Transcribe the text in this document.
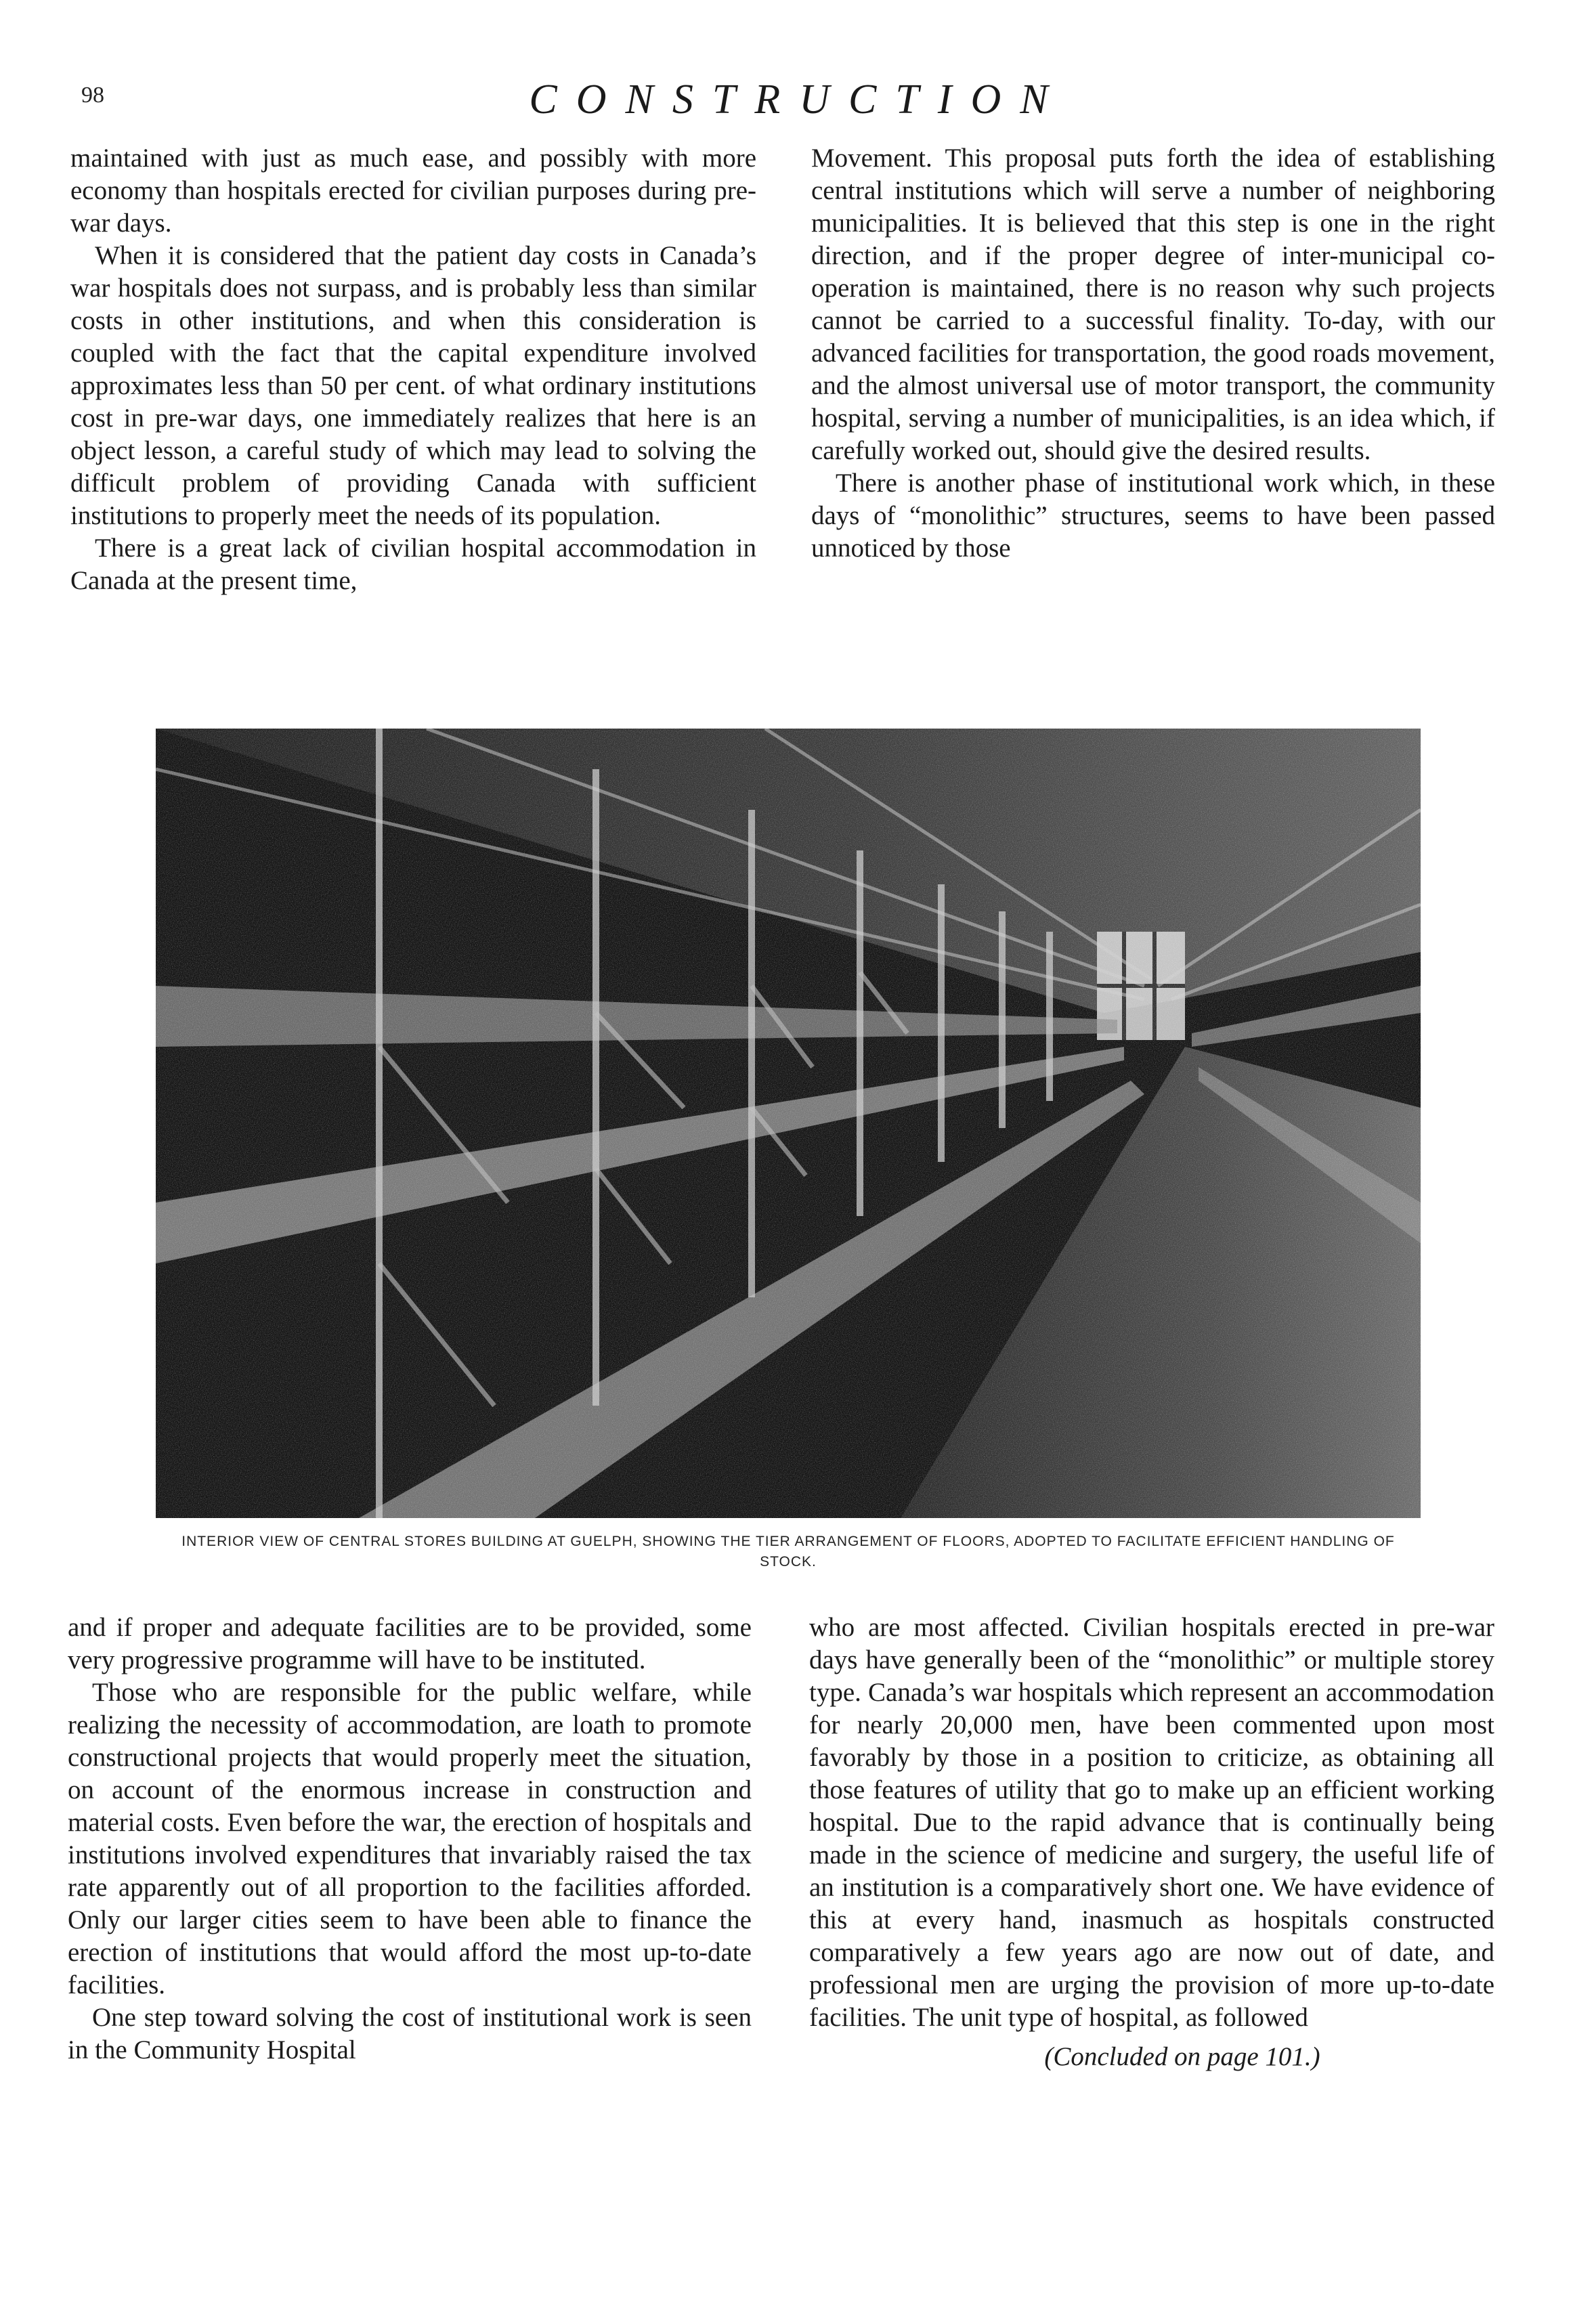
98	CONSTRUCTION

maintained with just as much ease, and possibly with more economy than hospitals erected for civilian purposes during pre-war days.

When it is considered that the patient day costs in Canada’s war hospitals does not surpass, and is probably less than similar costs in other institutions, and when this consideration is coupled with the fact that the capital expenditure involved approximates less than 50 per cent. of what ordinary institutions cost in pre-war days, one immediately realizes that here is an object lesson, a careful study of which may lead to solving the difficult problem of providing Canada with sufficient institutions to properly meet the needs of its population.

There is a great lack of civilian hospital accommodation in Canada at the present time,

Movement. This proposal puts forth the idea of establishing central institutions which will serve a number of neighboring municipalities. It is believed that this step is one in the right direction, and if the proper degree of inter-municipal co-operation is maintained, there is no reason why such projects cannot be carried to a successful finality. To-day, with our advanced facilities for transportation, the good roads movement, and the almost universal use of motor transport, the community hospital, serving a number of municipalities, is an idea which, if carefully worked out, should give the desired results.

There is another phase of institutional work which, in these days of “monolithic” structures, seems to have been passed unnoticed by those

INTERIOR VIEW OF CENTRAL STORES BUILDING AT GUELPH, SHOWING THE TIER ARRANGEMENT OF FLOORS, ADOPTED TO FACILITATE EFFICIENT HANDLING OF STOCK.

and if proper and adequate facilities are to be provided, some very progressive programme will have to be instituted.

Those who are responsible for the public welfare, while realizing the necessity of accommodation, are loath to promote constructional projects that would properly meet the situation, on account of the enormous increase in construction and material costs. Even before the war, the erection of hospitals and institutions involved expenditures that invariably raised the tax rate apparently out of all proportion to the facilities afforded. Only our larger cities seem to have been able to finance the erection of institutions that would afford the most up-to-date facilities.

One step toward solving the cost of institutional work is seen in the Community Hospital

who are most affected. Civilian hospitals erected in pre-war days have generally been of the “monolithic” or multiple storey type. Canada’s war hospitals which represent an accommodation for nearly 20,000 men, have been commented upon most favorably by those in a position to criticize, as obtaining all those features of utility that go to make up an efficient working hospital. Due to the rapid advance that is continually being made in the science of medicine and surgery, the useful life of an institution is a comparatively short one. We have evidence of this at every hand, inasmuch as hospitals constructed comparatively a few years ago are now out of date, and professional men are urging the provision of more up-to-date facilities. The unit type of hospital, as followed

(Concluded on page 101.)
